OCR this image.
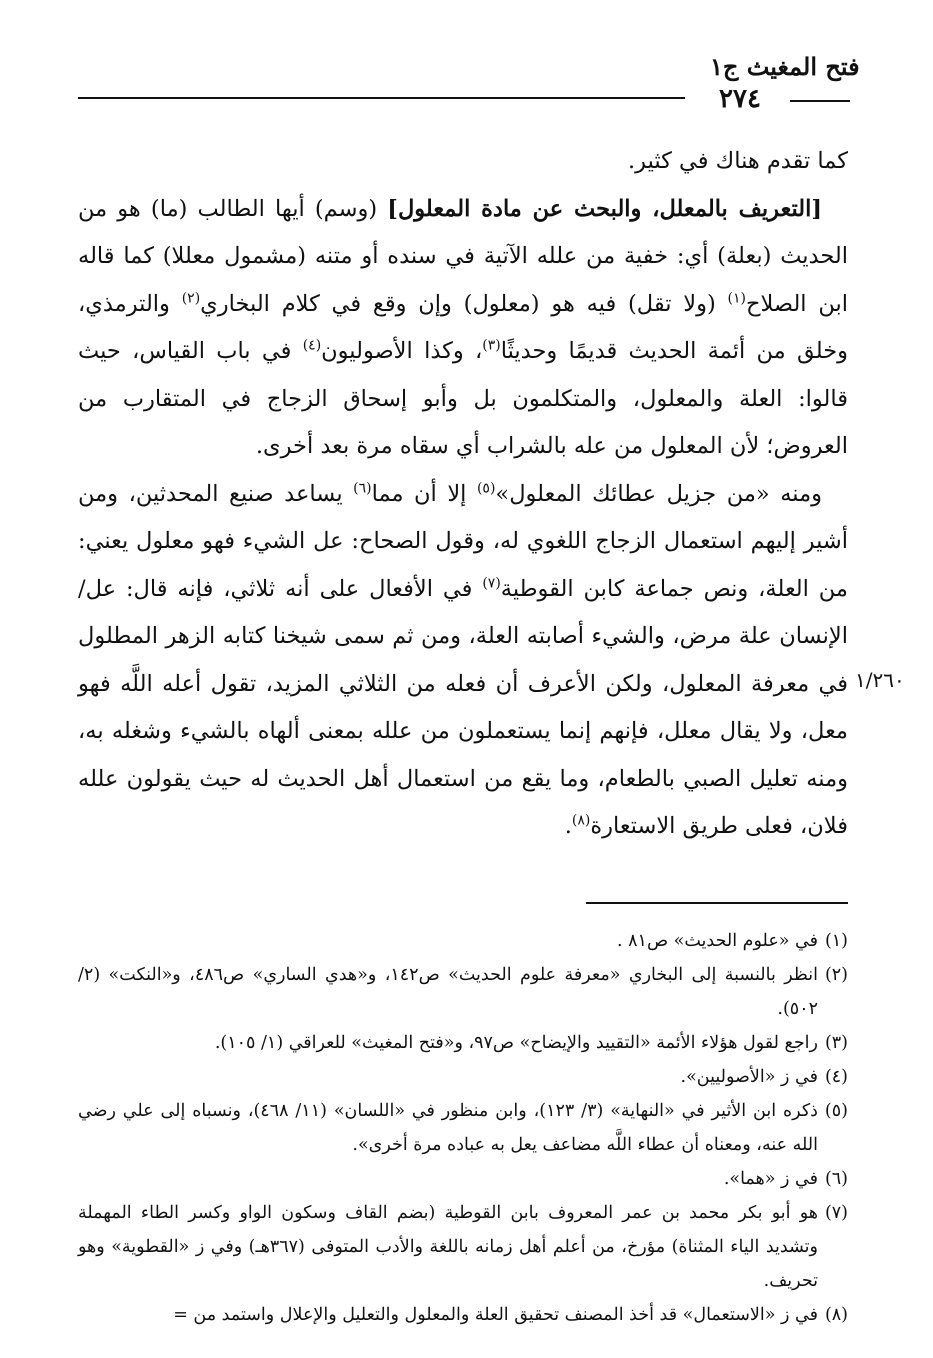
فتح المغيث ج١
٢٧٤

كما تقدم هناك في كثير.

[التعريف بالمعلل، والبحث عن مادة المعلول] (وسم) أيها الطالب (ما) هو من الحديث (بعلة) أي: خفية من علله الآتية في سنده أو متنه (مشمول معللا) كما قاله ابن الصلاح$^{(١)}$ (ولا تقل) فيه هو (معلول) وإن وقع في كلام البخاري$^{(٢)}$ والترمذي، وخلق من أئمة الحديث قديمًا وحديثًا$^{(٣)}$، وكذا الأصوليون$^{(٤)}$ في باب القياس، حيث قالوا: العلة والمعلول، والمتكلمون بل وأبو إسحاق الزجاج في المتقارب من العروض؛ لأن المعلول من عله بالشراب أي سقاه مرة بعد أخرى.

ومنه «من جزيل عطائك المعلول»$^{(٥)}$ إلا أن مما$^{(٦)}$ يساعد صنيع المحدثين، ومن أشير إليهم استعمال الزجاج اللغوي له، وقول الصحاح: عل الشيء فهو معلول يعني: من العلة، ونص جماعة كابن القوطية$^{(٧)}$ في الأفعال على أنه ثلاثي، فإنه قال: عل/ الإنسان علة مرض، والشيء أصابته العلة، ومن ثم سمى شيخنا كتابه الزهر المطلول في معرفة المعلول، ولكن الأعرف أن فعله من الثلاثي المزيد، تقول أعله اللَّه فهو معل، ولا يقال معلل، فإنهم إنما يستعملون من علله بمعنى ألهاه بالشيء وشغله به، ومنه تعليل الصبي بالطعام، وما يقع من استعمال أهل الحديث له حيث يقولون علله فلان، فعلى طريق الاستعارة$^{(٨)}$.

١/٢٦٠

(١)في «علوم الحديث» ص٨١ .

(٢)انظر بالنسبة إلى البخاري «معرفة علوم الحديث» ص١٤٢، و«هدي الساري» ص٤٨٦، و«النكت» (٢/ ٥٠٢).

(٣)راجع لقول هؤلاء الأئمة «التقييد والإيضاح» ص٩٧، و«فتح المغيث» للعراقي (١/ ١٠٥).

(٤)في ز «الأصوليين».

(٥)ذكره ابن الأثير في «النهاية» (٣/ ١٢٣)، وابن منظور في «اللسان» (١١/ ٤٦٨)، ونسباه إلى علي رضي الله عنه، ومعناه أن عطاء اللَّه مضاعف يعل به عباده مرة أخرى».

(٦)في ز «هما».

(٧)هو أبو بكر محمد بن عمر المعروف بابن القوطية (بضم القاف وسكون الواو وكسر الطاء المهملة وتشديد الياء المثناة) مؤرخ، من أعلم أهل زمانه باللغة والأدب المتوفى (٣٦٧هـ) وفي ز «القطوية» وهو تحريف.

(٨)في ز «الاستعمال» قد أخذ المصنف تحقيق العلة والمعلول والتعليل والإعلال واستمد من =
